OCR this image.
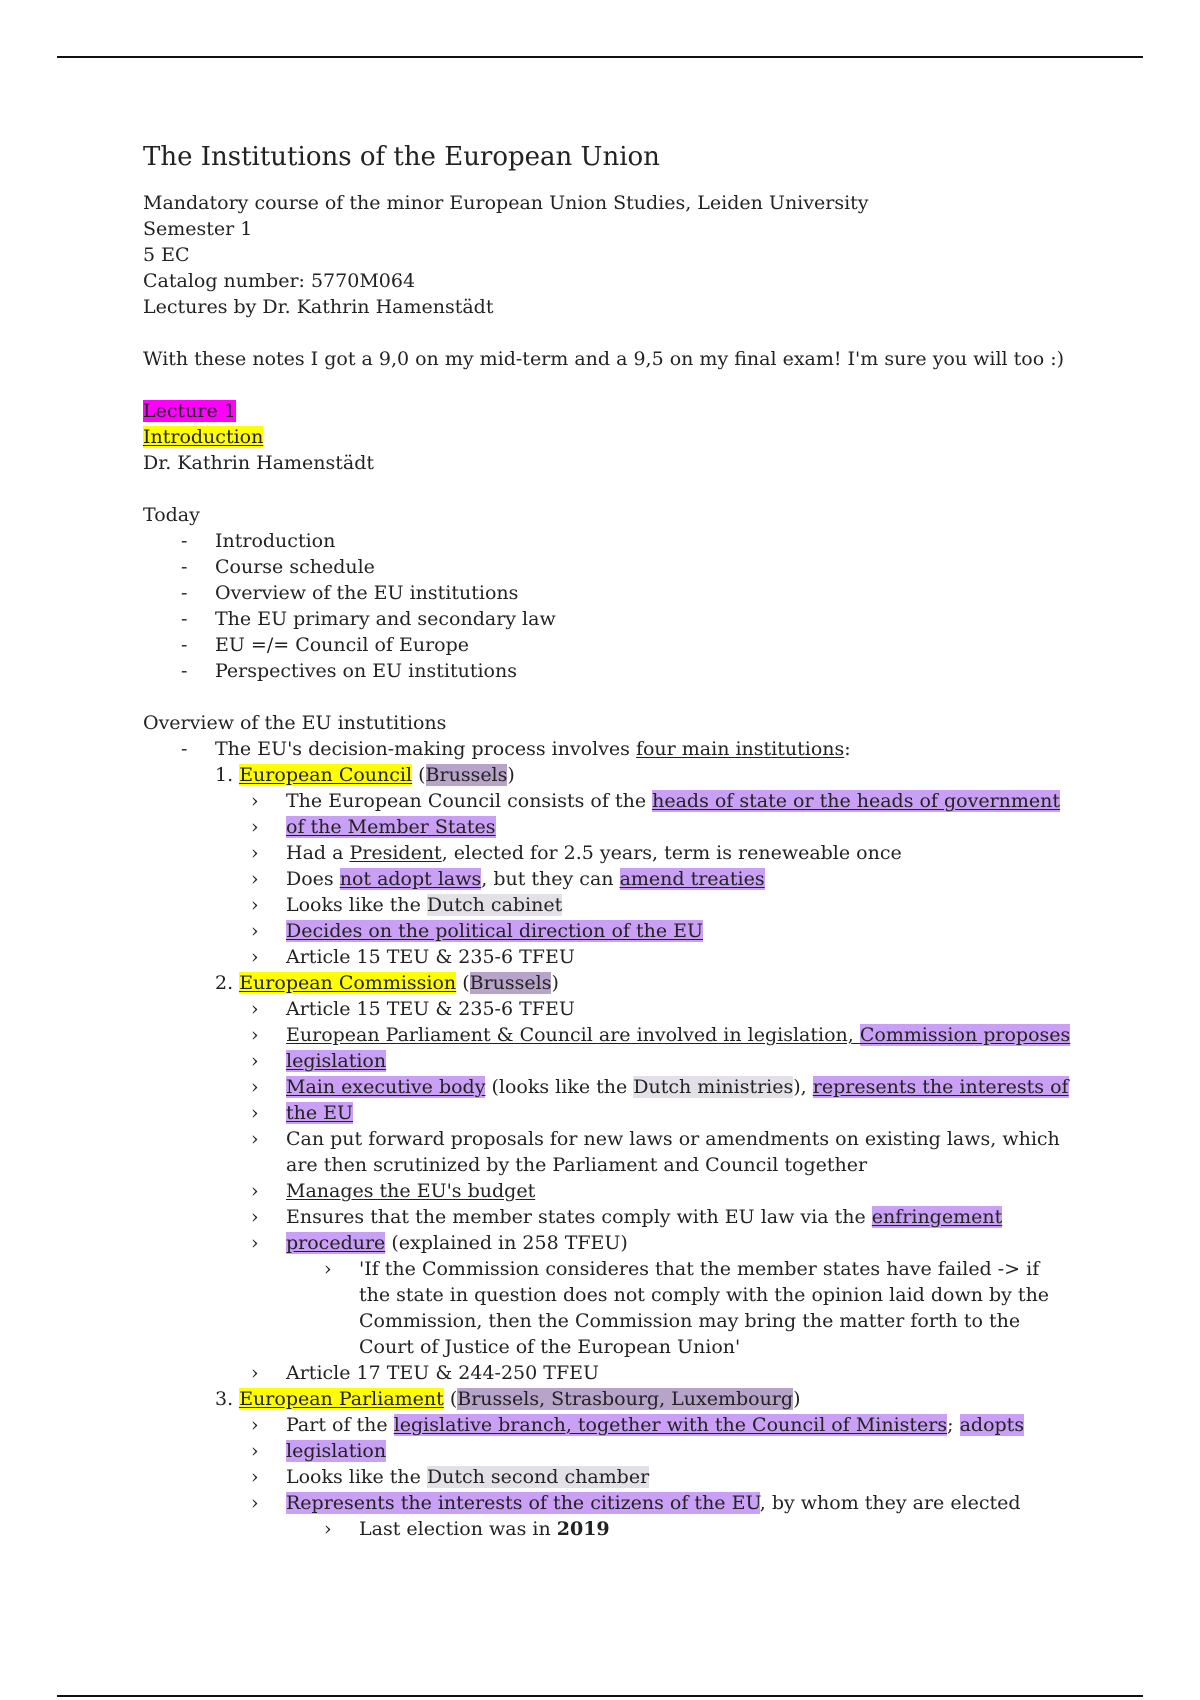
The Institutions of the European Union
Mandatory course of the minor European Union Studies, Leiden University
Semester 1
5 EC
Catalog number: 5770M064
Lectures by Dr. Kathrin Hamenstädt
With these notes I got a 9,0 on my mid-term and a 9,5 on my final exam! I'm sure you will too :)
Lecture 1
Introduction
Dr. Kathrin Hamenstädt
Today
- Introduction
- Course schedule
- Overview of the EU institutions
- The EU primary and secondary law
- EU =/= Council of Europe
- Perspectives on EU institutions
Overview of the EU instutitions
- The EU's decision-making process involves four main institutions:
1. European Council (Brussels)
› The European Council consists of the heads of state or the heads of government
› of the Member States
› Had a President, elected for 2.5 years, term is reneweable once
› Does not adopt laws, but they can amend treaties
› Looks like the Dutch cabinet
› Decides on the political direction of the EU
› Article 15 TEU & 235-6 TFEU
2. European Commission (Brussels)
› Article 15 TEU & 235-6 TFEU
› European Parliament & Council are involved in legislation, Commission proposes
› legislation
› Main executive body (looks like the Dutch ministries), represents the interests of
› the EU
› Can put forward proposals for new laws or amendments on existing laws, which are then scrutinized by the Parliament and Council together
› Manages the EU's budget
› Ensures that the member states comply with EU law via the enfringement
› procedure (explained in 258 TFEU)
› 'If the Commission consideres that the member states have failed -> if the state in question does not comply with the opinion laid down by the Commission, then the Commission may bring the matter forth to the Court of Justice of the European Union'
› Article 17 TEU & 244-250 TFEU
3. European Parliament (Brussels, Strasbourg, Luxembourg)
› Part of the legislative branch, together with the Council of Ministers; adopts
› legislation
› Looks like the Dutch second chamber
› Represents the interests of the citizens of the EU, by whom they are elected
› Last election was in 2019
